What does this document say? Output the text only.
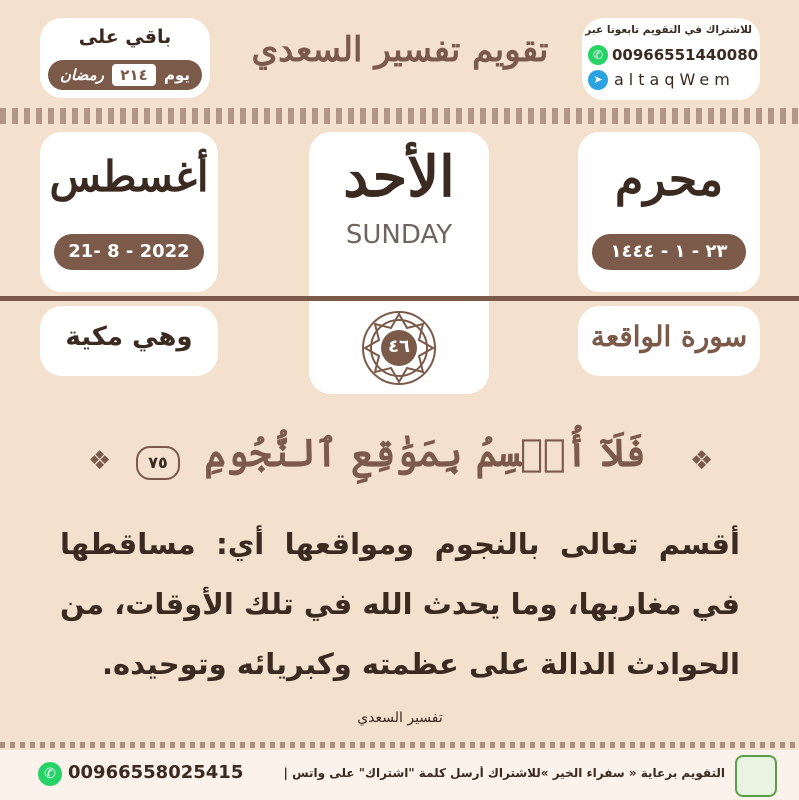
باقي على
رمضان	٢١٤	يوم
تقويم تفسير السعدي	للاشتراك في التقويم تابعونا عبر
✆ 00966551440080
➤ altaqWem
أغسطس
21- 8 - 2022
الأحد
SUNDAY
٤٦
محرم
٢٣ - ١ - ١٤٤٤
وهي مكية	سورة الواقعة
❖	٧٥ فَلَآ أُقۡسِمُ بِمَوَٰقِعِ ٱلنُّجُومِ	❖
أقسم تعالى بالنجوم ومواقعها أي: مساقطها في مغاربها، وما يحدث الله في تلك الأوقات، من الحوادث الدالة على عظمته وكبريائه وتوحيده.
تفسير السعدي
✆ 00966558025415	التقويم برعاية « سفراء الخير »للاشتراك أرسل كلمة "اشتراك" على واتس |
